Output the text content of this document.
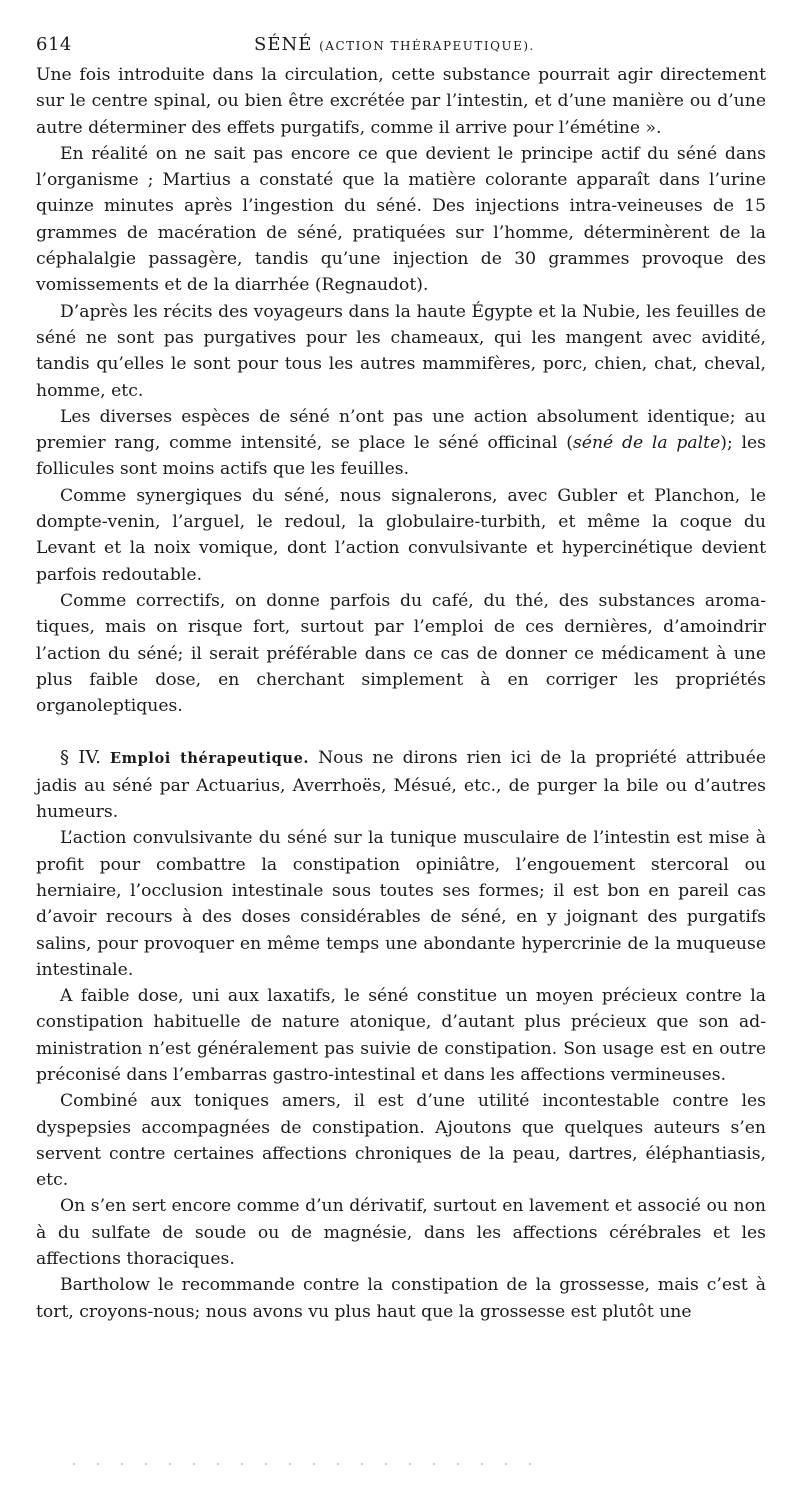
614	SÉNÉ (ACTION THÉRAPEUTIQUE).

Une fois introduite dans la circulation, cette substance pourrait agir directement sur le centre spinal, ou bien être excrétée par l’intestin, et d’une manière ou d’une autre déterminer des effets purgatifs, comme il arrive pour l’émétine ».

En réalité on ne sait pas encore ce que devient le principe actif du séné dans l’organisme ; Martius a constaté que la matière colorante apparaît dans l’urine quinze minutes après l’ingestion du séné. Des injections intra-veineuses de 15 grammes de macération de séné, pratiquées sur l’homme, déterminèrent de la céphalalgie passagère, tandis qu’une injection de 30 grammes provoque des vomissements et de la diarrhée (Regnaudot).

D’après les récits des voyageurs dans la haute Égypte et la Nubie, les feuilles de séné ne sont pas purgatives pour les chameaux, qui les mangent avec avidité, tandis qu’elles le sont pour tous les autres mammifères, porc, chien, chat, cheval, homme, etc.

Les diverses espèces de séné n’ont pas une action absolument identique; au premier rang, comme intensité, se place le séné officinal (séné de la palte); les follicules sont moins actifs que les feuilles.

Comme synergiques du séné, nous signalerons, avec Gubler et Planchon, le dompte-venin, l’arguel, le redoul, la globulaire-turbith, et même la coque du Levant et la noix vomique, dont l’action convulsivante et hypercinétique devient parfois redoutable.

Comme correctifs, on donne parfois du café, du thé, des substances aromatiques, mais on risque fort, surtout par l’emploi de ces dernières, d’amoindrir l’action du séné; il serait préférable dans ce cas de donner ce médicament à une plus faible dose, en cherchant simplement à en corriger les propriétés organoleptiques.

§ IV. Emploi thérapeutique. Nous ne dirons rien ici de la propriété attribuée jadis au séné par Actuarius, Averrhoës, Mésué, etc., de purger la bile ou d’autres humeurs.

L’action convulsivante du séné sur la tunique musculaire de l’intestin est mise à profit pour combattre la constipation opiniâtre, l’engouement stercoral ou herniaire, l’occlusion intestinale sous toutes ses formes; il est bon en pareil cas d’avoir recours à des doses considérables de séné, en y joignant des purgatifs salins, pour provoquer en même temps une abondante hypercrinie de la muqueuse intestinale.

A faible dose, uni aux laxatifs, le séné constitue un moyen précieux contre la constipation habituelle de nature atonique, d’autant plus précieux que son administration n’est généralement pas suivie de constipation. Son usage est en outre préconisé dans l’embarras gastro-intestinal et dans les affections vermineuses.

Combiné aux toniques amers, il est d’une utilité incontestable contre les dyspepsies accompagnées de constipation. Ajoutons que quelques auteurs s’en servent contre certaines affections chroniques de la peau, dartres, éléphantiasis, etc.

On s’en sert encore comme d’un dérivatif, surtout en lavement et associé ou non à du sulfate de soude ou de magnésie, dans les affections cérébrales et les affections thoraciques.

Bartholow le recommande contre la constipation de la grossesse, mais c’est à tort, croyons-nous; nous avons vu plus haut que la grossesse est plutôt une
